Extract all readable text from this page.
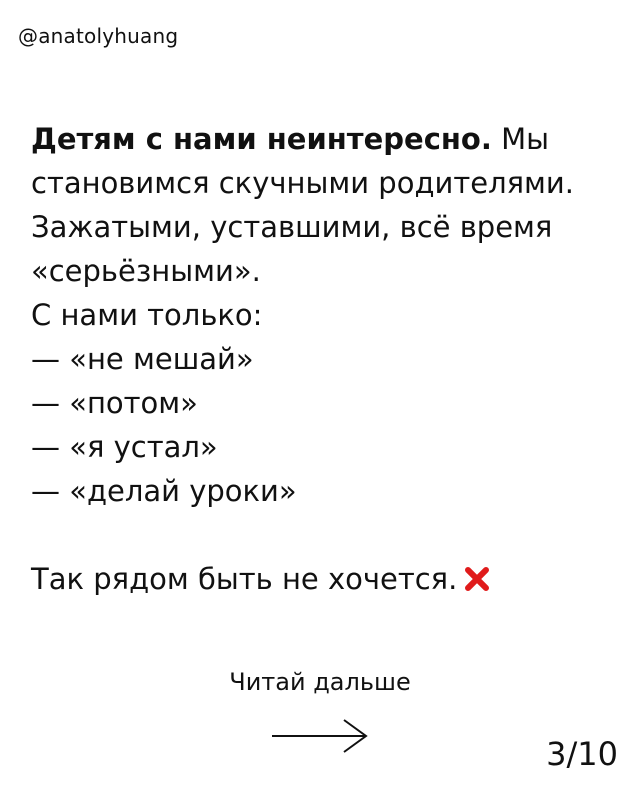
@anatolyhuang

Детям с нами неинтересно. Мы

становимся скучными родителями.

Зажатыми, уставшими, всё время

«серьёзными».

С нами только:

— «не мешай»

— «потом»

— «я устал»

— «делай уроки»

Так рядом быть не хочется.

Читай дальше
3/10
